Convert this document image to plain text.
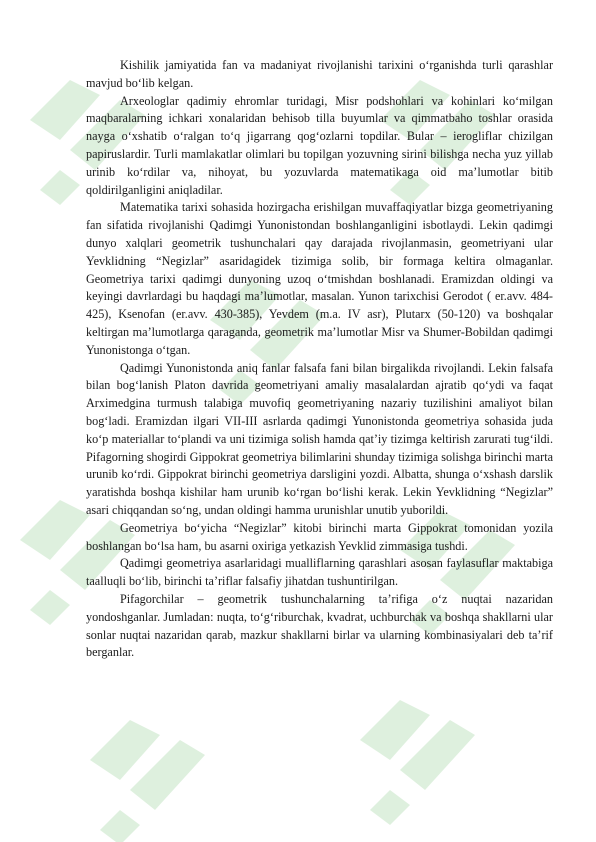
Kishilik jamiyatida fan va madaniyat rivojlanishi tarixini o‘rganishda turli qarashlar mavjud bo‘lib kelgan.

Arxeologlar qadimiy ehromlar turidagi, Misr podshohlari va kohinlari ko‘milgan maqbaralarning ichkari xonalaridan behisob tilla buyumlar va qimmatbaho toshlar orasida nayga o‘xshatib o‘ralgan to‘q jigarrang qog‘ozlarni topdilar. Bular – ierogliflar chizilgan papiruslardir. Turli mamlakatlar olimlari bu topilgan yozuvning sirini bilishga necha yuz yillab urinib ko‘rdilar va, nihoyat, bu yozuvlarda matematikaga oid ma’lumotlar bitib qoldirilganligini aniqladilar.

Matematika tarixi sohasida hozirgacha erishilgan muvaffaqiyatlar bizga geometriyaning fan sifatida rivojlanishi Qadimgi Yunonistondan boshlanganligini isbotlaydi. Lekin qadimgi dunyo xalqlari geometrik tushunchalari qay darajada rivojlanmasin, geometriyani ular Yevklidning “Negizlar” asaridagidek tizimiga solib, bir formaga keltira olmaganlar. Geometriya tarixi qadimgi dunyoning uzoq o‘tmishdan boshlanadi. Eramizdan oldingi va keyingi davrlardagi bu haqdagi ma’lumotlar, masalan. Yunon tarixchisi Gerodot ( er.avv. 484-425), Ksenofan (er.avv. 430-385), Yevdem (m.a. IV asr), Plutarx (50-120) va boshqalar keltirgan ma’lumotlarga qaraganda, geometrik ma’lumotlar Misr va Shumer-Bobildan qadimgi Yunonistonga o‘tgan.

Qadimgi Yunonistonda aniq fanlar falsafa fani bilan birgalikda rivojlandi. Lekin falsafa bilan bog‘lanish Platon davrida geometriyani amaliy masalalardan ajratib qo‘ydi va faqat Arximedgina turmush talabiga muvofiq geometriyaning nazariy tuzilishini amaliyot bilan bog‘ladi. Eramizdan ilgari VII-III asrlarda qadimgi Yunonistonda geometriya sohasida juda ko‘p materiallar to‘plandi va uni tizimiga solish hamda qat’iy tizimga keltirish zarurati tug‘ildi. Pifagorning shogirdi Gippokrat geometriya bilimlarini shunday tizimiga solishga birinchi marta urunib ko‘rdi. Gippokrat birinchi geometriya darsligini yozdi. Albatta, shunga o‘xshash darslik yaratishda boshqa kishilar ham urunib ko‘rgan bo‘lishi kerak. Lekin Yevklidning “Negizlar” asari chiqqandan so‘ng, undan oldingi hamma urunishlar unutib yuborildi.

Geometriya bo‘yicha “Negizlar” kitobi birinchi marta Gippokrat tomonidan yozila boshlangan bo‘lsa ham, bu asarni oxiriga yetkazish Yevklid zimmasiga tushdi.

Qadimgi geometriya asarlaridagi mualliflarning qarashlari asosan faylasuflar maktabiga taalluqli bo‘lib, birinchi ta’riflar falsafiy jihatdan tushuntirilgan.

Pifagorchilar – geometrik tushunchalarning ta’rifiga o‘z nuqtai nazaridan yondoshganlar. Jumladan: nuqta, to‘g‘riburchak, kvadrat, uchburchak va boshqa shakllarni ular sonlar nuqtai nazaridan qarab, mazkur shakllarni birlar va ularning kombinasiyalari deb ta’rif berganlar.
